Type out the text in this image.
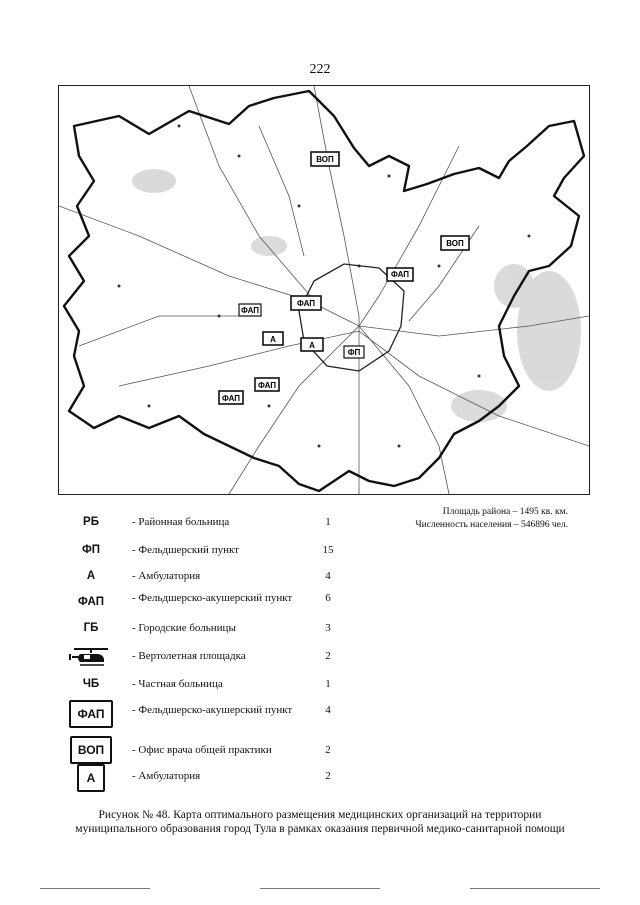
222
ВОП
ВОП
ФАП
ФАП
А
А
ФП
ФАП
ФАП
ФАП
Площадь района – 1495 кв. км.
Численность населения – 546896 чел.
РБ	- Районная больница	1
ФП	- Фельдшерский пункт	15
А	- Амбулатория	4
ФАП	- Фельдшерско-акушерский пункт	6
ГБ	- Городские больницы	3
- Вертолетная площадка	2
ЧБ	- Частная больница	1
ФАП	- Фельдшерско-акушерский пункт	4
ВОП	- Офис врача общей практики	2
А	- Амбулатория	2
Рисунок № 48. Карта оптимального размещения медицинских организаций на территории
муниципального образования город Тула в рамках оказания первичной медико-санитарной помощи
